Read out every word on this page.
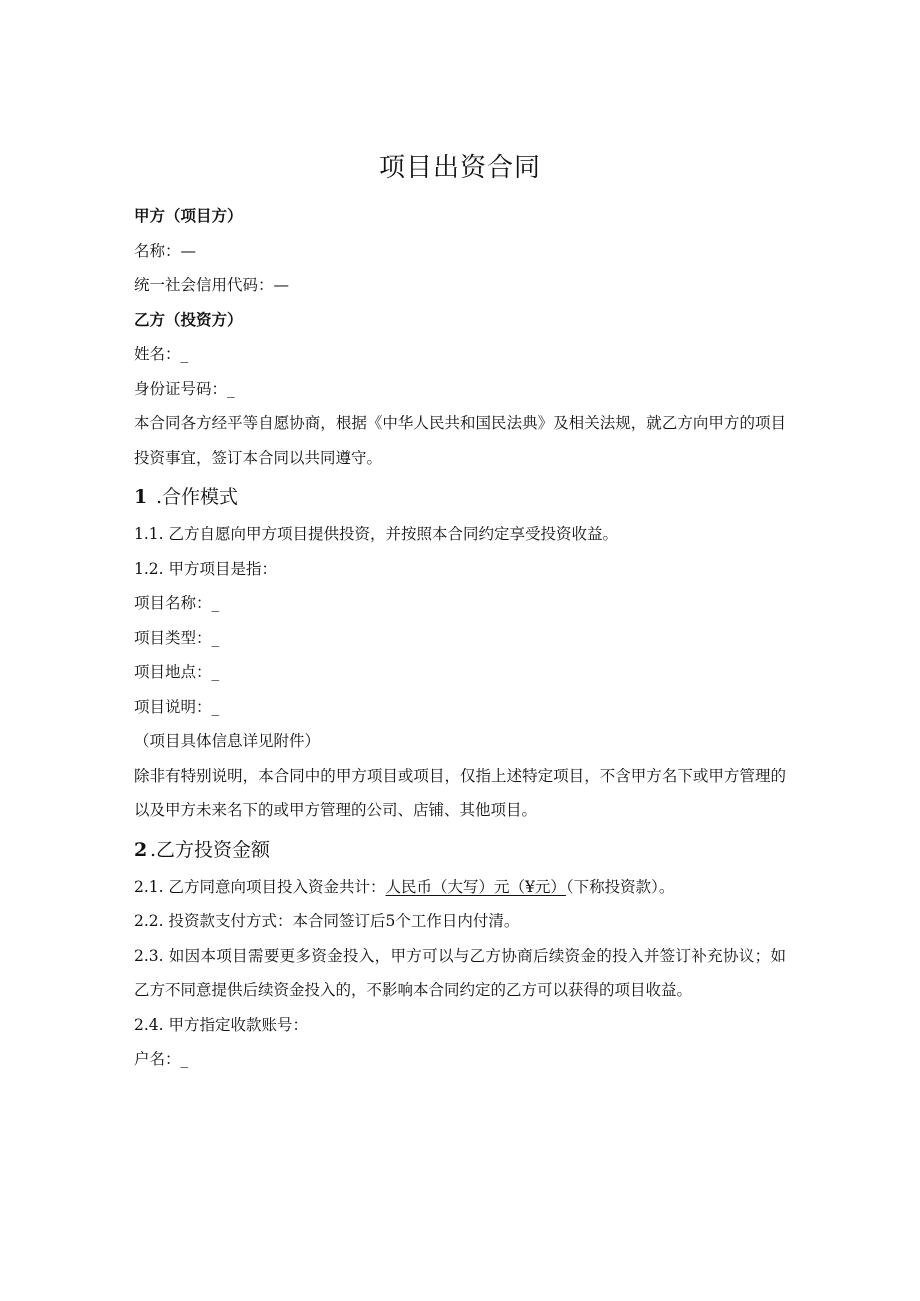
项目出资合同
甲方（项目方）
名称：—
统一社会信用代码：—
乙方（投资方）
姓名：_
身份证号码：_
本合同各方经平等自愿协商，根据《中华人民共和国民法典》及相关法规，就乙方向甲方的项目投资事宜，签订本合同以共同遵守。
1 .合作模式
1.1. 乙方自愿向甲方项目提供投资，并按照本合同约定享受投资收益。
1.2. 甲方项目是指：
项目名称：_
项目类型：_
项目地点：_
项目说明：_
（项目具体信息详见附件）
除非有特别说明，本合同中的甲方项目或项目，仅指上述特定项目，不含甲方名下或甲方管理的以及甲方未来名下的或甲方管理的公司、店铺、其他项目。
2 .乙方投资金额
2.1. 乙方同意向项目投入资金共计：人民币（大写）元（¥元）（下称投资款）。
2.2. 投资款支付方式：本合同签订后5个工作日内付清。
2.3. 如因本项目需要更多资金投入，甲方可以与乙方协商后续资金的投入并签订补充协议；如乙方不同意提供后续资金投入的，不影响本合同约定的乙方可以获得的项目收益。
2.4. 甲方指定收款账号：
户名：_
